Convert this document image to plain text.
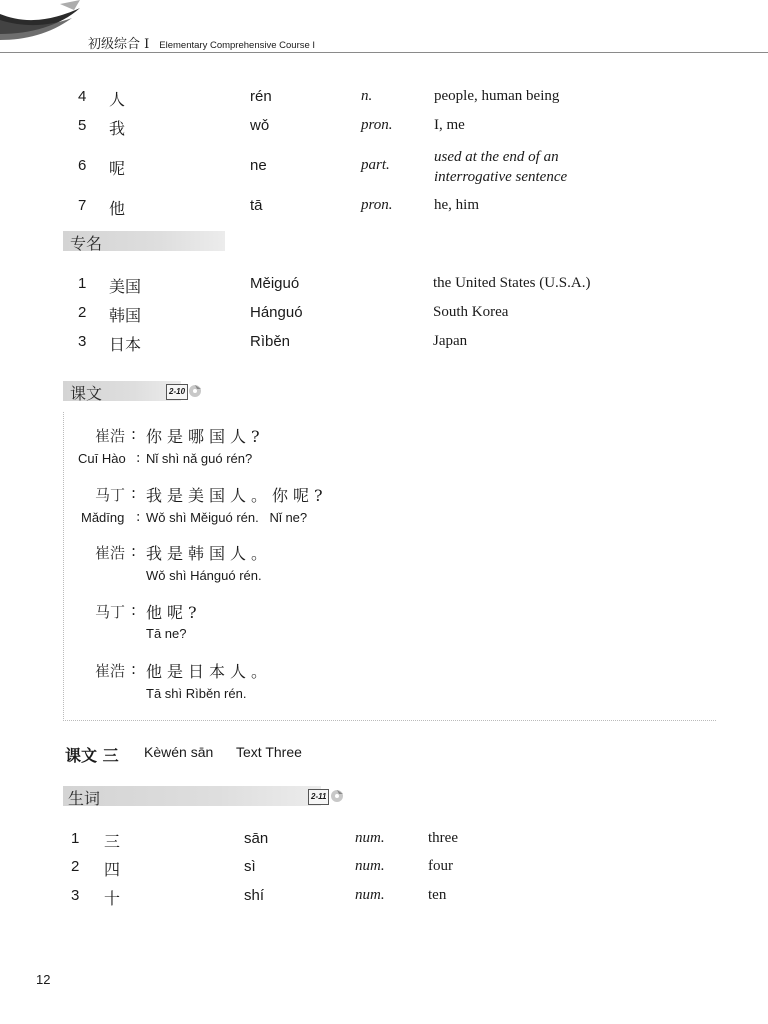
初级综合 I Elementary Comprehensive Course I
4 人	rén	n.	people, human being
5 我	wǒ	pron.	I, me
6 呢	ne	part.	used at the end of an interrogative sentence
7 他	tā	pron.	he, him
专名
1 美国	Měiguó	the United States (U.S.A.)
2 韩国	Hánguó	South Korea
3 日本	Rìběn	Japan
课文	2-10
崔浩 : 你是哪国人?
Cuī Hào : Nǐ shì nǎ guó rén?
马丁 : 我是美国人。你呢?
Mǎdīng : Wǒ shì Měiguó rén.   Nǐ ne?
崔浩 : 我是韩国人。
Wǒ shì Hánguó rén.
马丁 : 他呢?
Tā ne?
崔浩 : 他是日本人。
Tā shì Rìběn rén.
课文 三 Kèwén sān Text Three
生词	2-11
1 三	sān	num.	three
2 四	sì	num.	four
3 十	shí	num.	ten
12
